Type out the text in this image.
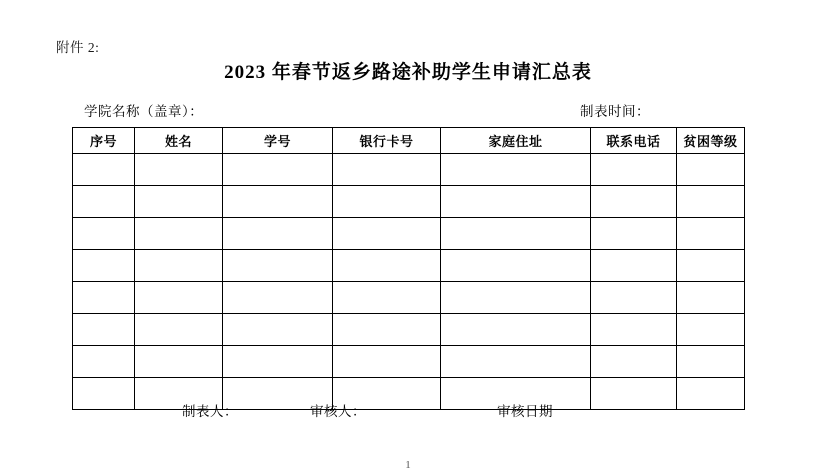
附件 2:
2023 年春节返乡路途补助学生申请汇总表
学院名称（盖章）：	制表时间：
序号	姓名	学号	银行卡号	家庭住址	联系电话	贫困等级

制表人：	审核人：	审核日期
1
